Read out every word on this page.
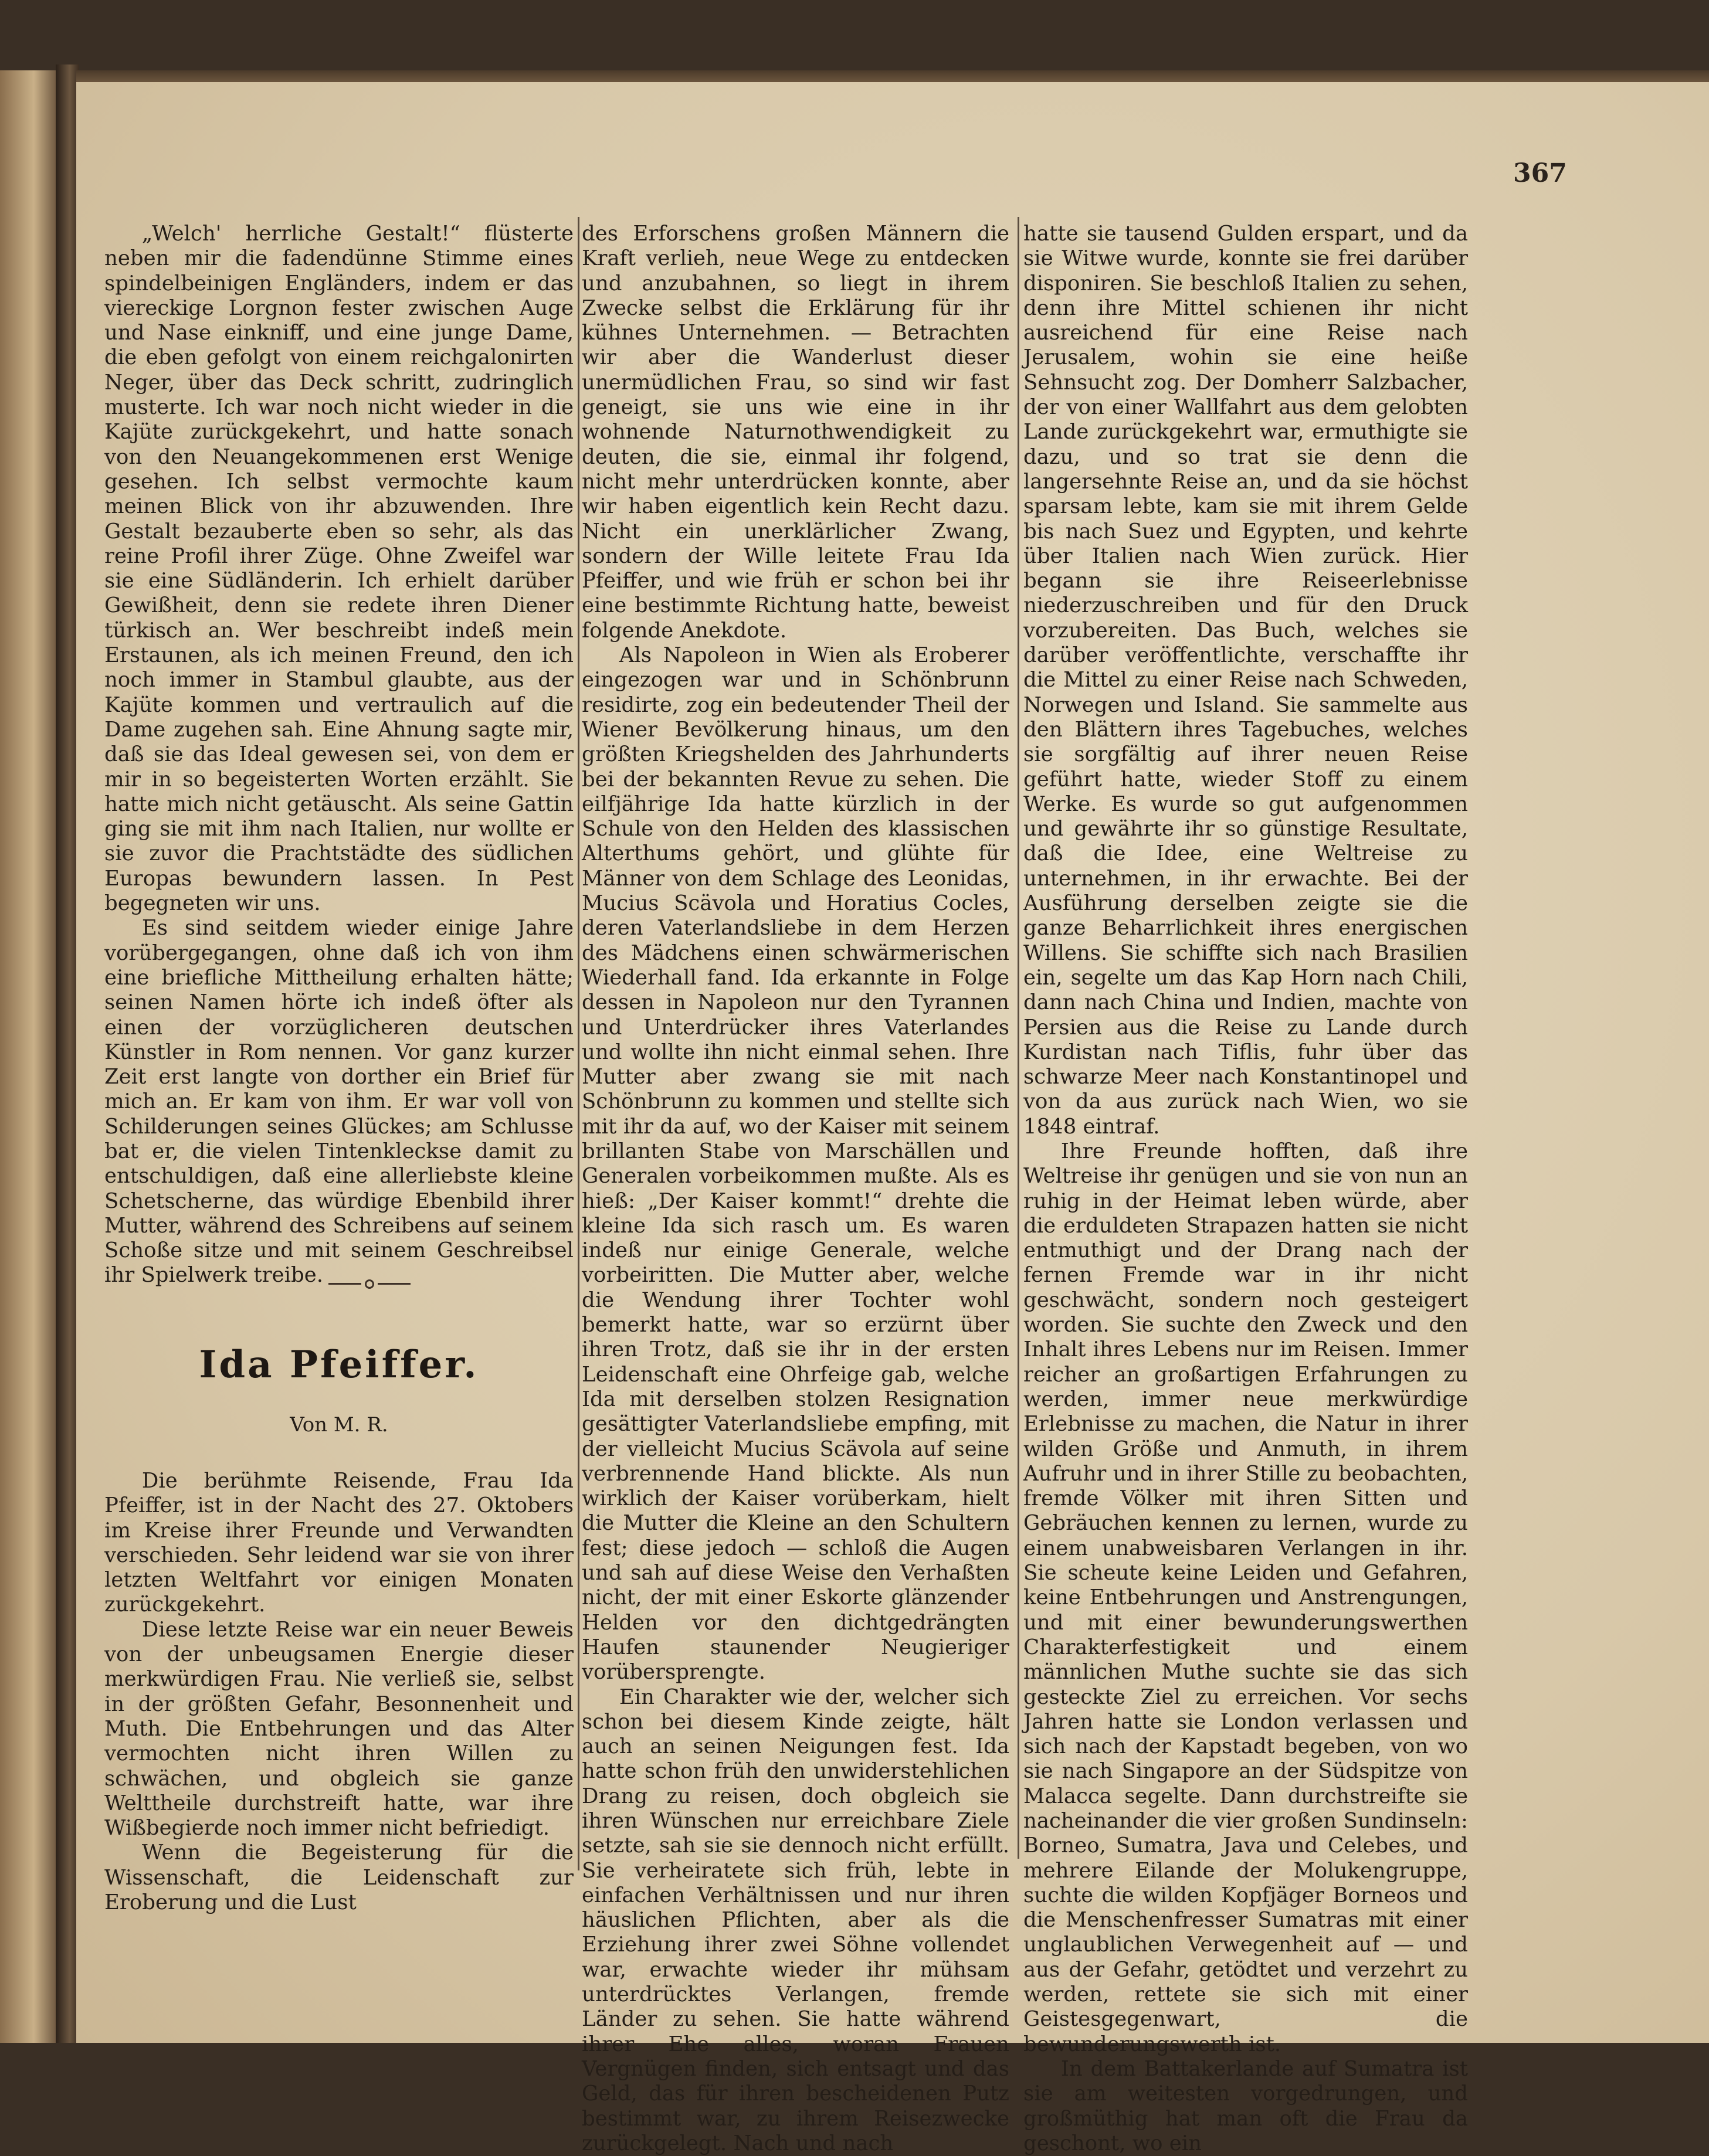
367

„Welch' herrliche Gestalt!“ flüsterte neben mir die fadendünne Stimme eines spindelbeinigen Engländers, indem er das viereckige Lorgnon fester zwischen Auge und Nase einkniff, und eine junge Dame, die eben gefolgt von einem reichgalonirten Neger, über das Deck schritt, zudringlich musterte. Ich war noch nicht wieder in die Kajüte zurückgekehrt, und hatte sonach von den Neuangekommenen erst Wenige gesehen. Ich selbst vermochte kaum meinen Blick von ihr abzuwenden. Ihre Gestalt bezauberte eben so sehr, als das reine Profil ihrer Züge. Ohne Zweifel war sie eine Südländerin. Ich erhielt darüber Gewißheit, denn sie redete ihren Diener türkisch an. Wer beschreibt indeß mein Erstaunen, als ich meinen Freund, den ich noch immer in Stambul glaubte, aus der Kajüte kommen und vertraulich auf die Dame zugehen sah. Eine Ahnung sagte mir, daß sie das Ideal gewesen sei, von dem er mir in so begeisterten Worten erzählt. Sie hatte mich nicht getäuscht. Als seine Gattin ging sie mit ihm nach Italien, nur wollte er sie zuvor die Prachtstädte des südlichen Europas bewundern lassen. In Pest begegneten wir uns.

Es sind seitdem wieder einige Jahre vorübergegangen, ohne daß ich von ihm eine briefliche Mittheilung erhalten hätte; seinen Namen hörte ich indeß öfter als einen der vorzüglicheren deutschen Künstler in Rom nennen. Vor ganz kurzer Zeit erst langte von dorther ein Brief für mich an. Er kam von ihm. Er war voll von Schilderungen seines Glückes; am Schlusse bat er, die vielen Tintenkleckse damit zu entschuldigen, daß eine allerliebste kleine Schetscherne, das würdige Ebenbild ihrer Mutter, während des Schreibens auf seinem Schoße sitze und mit seinem Geschreibsel ihr Spielwerk treibe.

Ida Pfeiffer.
Von M. R.

Die berühmte Reisende, Frau Ida Pfeiffer, ist in der Nacht des 27. Oktobers im Kreise ihrer Freunde und Verwandten verschieden. Sehr leidend war sie von ihrer letzten Weltfahrt vor einigen Monaten zurückgekehrt.

Diese letzte Reise war ein neuer Beweis von der unbeugsamen Energie dieser merkwürdigen Frau. Nie verließ sie, selbst in der größten Gefahr, Besonnenheit und Muth. Die Entbehrungen und das Alter vermochten nicht ihren Willen zu schwächen, und obgleich sie ganze Welttheile durchstreift hatte, war ihre Wißbegierde noch immer nicht befriedigt.

Wenn die Begeisterung für die Wissenschaft, die Leidenschaft zur Eroberung und die Lust

des Erforschens großen Männern die Kraft verlieh, neue Wege zu entdecken und anzubahnen, so liegt in ihrem Zwecke selbst die Erklärung für ihr kühnes Unternehmen. — Betrachten wir aber die Wanderlust dieser unermüdlichen Frau, so sind wir fast geneigt, sie uns wie eine in ihr wohnende Naturnothwendigkeit zu deuten, die sie, einmal ihr folgend, nicht mehr unterdrücken konnte, aber wir haben eigentlich kein Recht dazu. Nicht ein unerklärlicher Zwang, sondern der Wille leitete Frau Ida Pfeiffer, und wie früh er schon bei ihr eine bestimmte Richtung hatte, beweist folgende Anekdote.

Als Napoleon in Wien als Eroberer eingezogen war und in Schönbrunn residirte, zog ein bedeutender Theil der Wiener Bevölkerung hinaus, um den größten Kriegshelden des Jahrhunderts bei der bekannten Revue zu sehen. Die eilfjährige Ida hatte kürzlich in der Schule von den Helden des klassischen Alterthums gehört, und glühte für Männer von dem Schlage des Leonidas, Mucius Scävola und Horatius Cocles, deren Vaterlandsliebe in dem Herzen des Mädchens einen schwärmerischen Wiederhall fand. Ida erkannte in Folge dessen in Napoleon nur den Tyrannen und Unterdrücker ihres Vaterlandes und wollte ihn nicht einmal sehen. Ihre Mutter aber zwang sie mit nach Schönbrunn zu kommen und stellte sich mit ihr da auf, wo der Kaiser mit seinem brillanten Stabe von Marschällen und Generalen vorbeikommen mußte. Als es hieß: „Der Kaiser kommt!“ drehte die kleine Ida sich rasch um. Es waren indeß nur einige Generale, welche vorbeiritten. Die Mutter aber, welche die Wendung ihrer Tochter wohl bemerkt hatte, war so erzürnt über ihren Trotz, daß sie ihr in der ersten Leidenschaft eine Ohrfeige gab, welche Ida mit derselben stolzen Resignation gesättigter Vaterlandsliebe empfing, mit der vielleicht Mucius Scävola auf seine verbrennende Hand blickte. Als nun wirklich der Kaiser vorüberkam, hielt die Mutter die Kleine an den Schultern fest; diese jedoch — schloß die Augen und sah auf diese Weise den Verhaßten nicht, der mit einer Eskorte glänzender Helden vor den dichtgedrängten Haufen staunender Neugieriger vorübersprengte.

Ein Charakter wie der, welcher sich schon bei diesem Kinde zeigte, hält auch an seinen Neigungen fest. Ida hatte schon früh den unwiderstehlichen Drang zu reisen, doch obgleich sie ihren Wünschen nur erreichbare Ziele setzte, sah sie sie dennoch nicht erfüllt. Sie verheiratete sich früh, lebte in einfachen Verhältnissen und nur ihren häuslichen Pflichten, aber als die Erziehung ihrer zwei Söhne vollendet war, erwachte wieder ihr mühsam unterdrücktes Verlangen, fremde Länder zu sehen. Sie hatte während ihrer Ehe alles, woran Frauen Vergnügen finden, sich entsagt und das Geld, das für ihren bescheidenen Putz bestimmt war, zu ihrem Reisezwecke zurückgelegt. Nach und nach

hatte sie tausend Gulden erspart, und da sie Witwe wurde, konnte sie frei darüber disponiren. Sie beschloß Italien zu sehen, denn ihre Mittel schienen ihr nicht ausreichend für eine Reise nach Jerusalem, wohin sie eine heiße Sehnsucht zog. Der Domherr Salzbacher, der von einer Wallfahrt aus dem gelobten Lande zurückgekehrt war, ermuthigte sie dazu, und so trat sie denn die langersehnte Reise an, und da sie höchst sparsam lebte, kam sie mit ihrem Gelde bis nach Suez und Egypten, und kehrte über Italien nach Wien zurück. Hier begann sie ihre Reiseerlebnisse niederzuschreiben und für den Druck vorzubereiten. Das Buch, welches sie darüber veröffentlichte, verschaffte ihr die Mittel zu einer Reise nach Schweden, Norwegen und Island. Sie sammelte aus den Blättern ihres Tagebuches, welches sie sorgfältig auf ihrer neuen Reise geführt hatte, wieder Stoff zu einem Werke. Es wurde so gut aufgenommen und gewährte ihr so günstige Resultate, daß die Idee, eine Weltreise zu unternehmen, in ihr erwachte. Bei der Ausführung derselben zeigte sie die ganze Beharrlichkeit ihres energischen Willens. Sie schiffte sich nach Brasilien ein, segelte um das Kap Horn nach Chili, dann nach China und Indien, machte von Persien aus die Reise zu Lande durch Kurdistan nach Tiflis, fuhr über das schwarze Meer nach Konstantinopel und von da aus zurück nach Wien, wo sie 1848 eintraf.

Ihre Freunde hofften, daß ihre Weltreise ihr genügen und sie von nun an ruhig in der Heimat leben würde, aber die erduldeten Strapazen hatten sie nicht entmuthigt und der Drang nach der fernen Fremde war in ihr nicht geschwächt, sondern noch gesteigert worden. Sie suchte den Zweck und den Inhalt ihres Lebens nur im Reisen. Immer reicher an großartigen Erfahrungen zu werden, immer neue merkwürdige Erlebnisse zu machen, die Natur in ihrer wilden Größe und Anmuth, in ihrem Aufruhr und in ihrer Stille zu beobachten, fremde Völker mit ihren Sitten und Gebräuchen kennen zu lernen, wurde zu einem unabweisbaren Verlangen in ihr. Sie scheute keine Leiden und Gefahren, keine Entbehrungen und Anstrengungen, und mit einer bewunderungswerthen Charakterfestigkeit und einem männlichen Muthe suchte sie das sich gesteckte Ziel zu erreichen. Vor sechs Jahren hatte sie London verlassen und sich nach der Kapstadt begeben, von wo sie nach Singapore an der Südspitze von Malacca segelte. Dann durchstreifte sie nacheinander die vier großen Sundinseln: Borneo, Sumatra, Java und Celebes, und mehrere Eilande der Molukengruppe, suchte die wilden Kopfjäger Borneos und die Menschenfresser Sumatras mit einer unglaublichen Verwegenheit auf — und aus der Gefahr, getödtet und verzehrt zu werden, rettete sie sich mit einer Geistesgegenwart, die bewunderungswerth ist.

In dem Battakerlande auf Sumatra ist sie am weitesten vorgedrungen, und großmüthig hat man oft die Frau da geschont, wo ein
